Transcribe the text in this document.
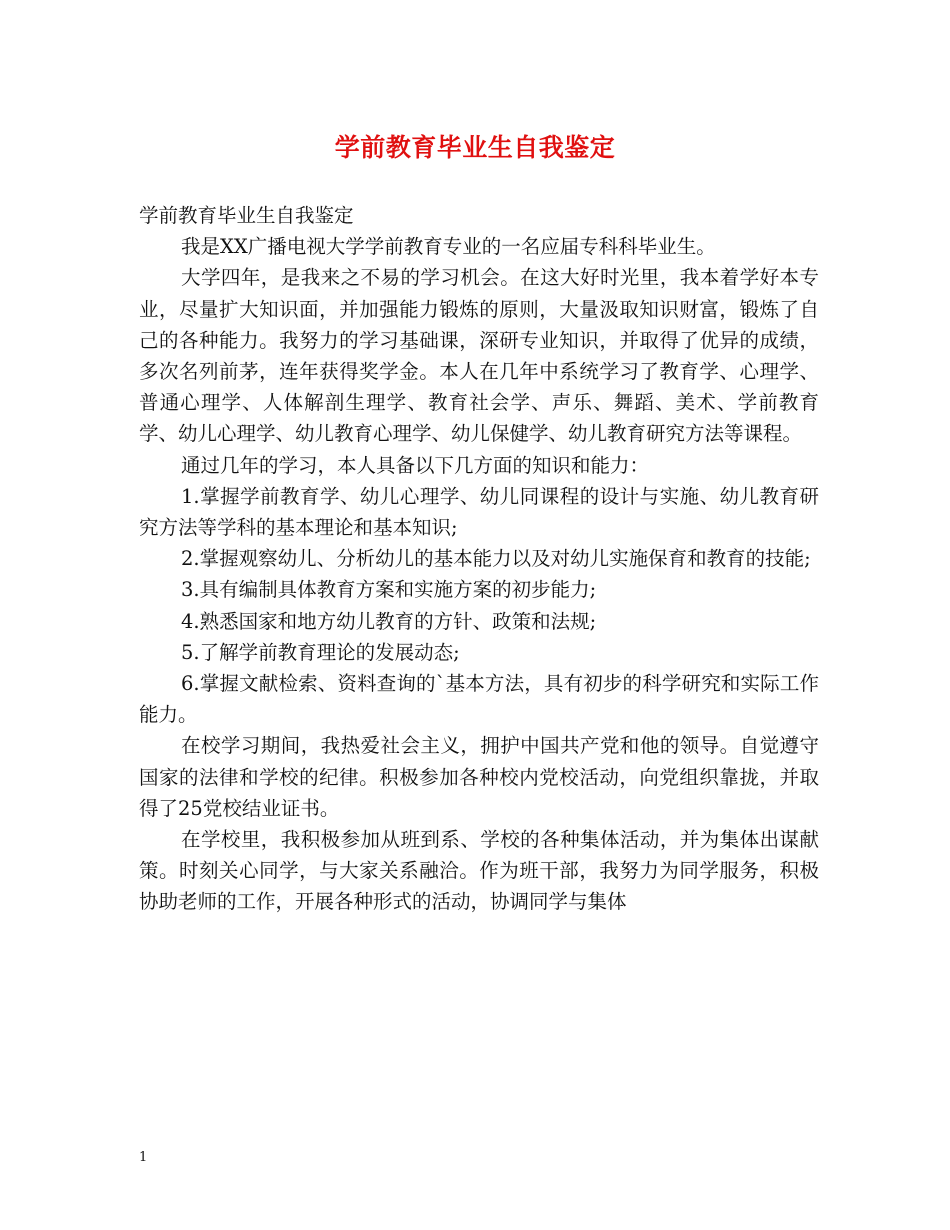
学前教育毕业生自我鉴定

学前教育毕业生自我鉴定

我是XX广播电视大学学前教育专业的一名应届专科科毕业生。

大学四年，是我来之不易的学习机会。在这大好时光里，我本着学好本专业，尽量扩大知识面，并加强能力锻炼的原则，大量汲取知识财富，锻炼了自己的各种能力。我努力的学习基础课，深研专业知识，并取得了优异的成绩，多次名列前茅，连年获得奖学金。本人在几年中系统学习了教育学、心理学、普通心理学、人体解剖生理学、教育社会学、声乐、舞蹈、美术、学前教育学、幼儿心理学、幼儿教育心理学、幼儿保健学、幼儿教育研究方法等课程。

通过几年的学习，本人具备以下几方面的知识和能力：

1.掌握学前教育学、幼儿心理学、幼儿同课程的设计与实施、幼儿教育研究方法等学科的基本理论和基本知识;

2.掌握观察幼儿、分析幼儿的基本能力以及对幼儿实施保育和教育的技能;

3.具有编制具体教育方案和实施方案的初步能力;

4.熟悉国家和地方幼儿教育的方针、政策和法规;

5.了解学前教育理论的发展动态;

6.掌握文献检索、资料查询的`基本方法，具有初步的科学研究和实际工作能力。

在校学习期间，我热爱社会主义，拥护中国共产党和他的领导。自觉遵守国家的法律和学校的纪律。积极参加各种校内党校活动，向党组织靠拢，并取得了25党校结业证书。

在学校里，我积极参加从班到系、学校的各种集体活动，并为集体出谋献策。时刻关心同学，与大家关系融洽。作为班干部，我努力为同学服务，积极协助老师的工作，开展各种形式的活动，协调同学与集体

1
